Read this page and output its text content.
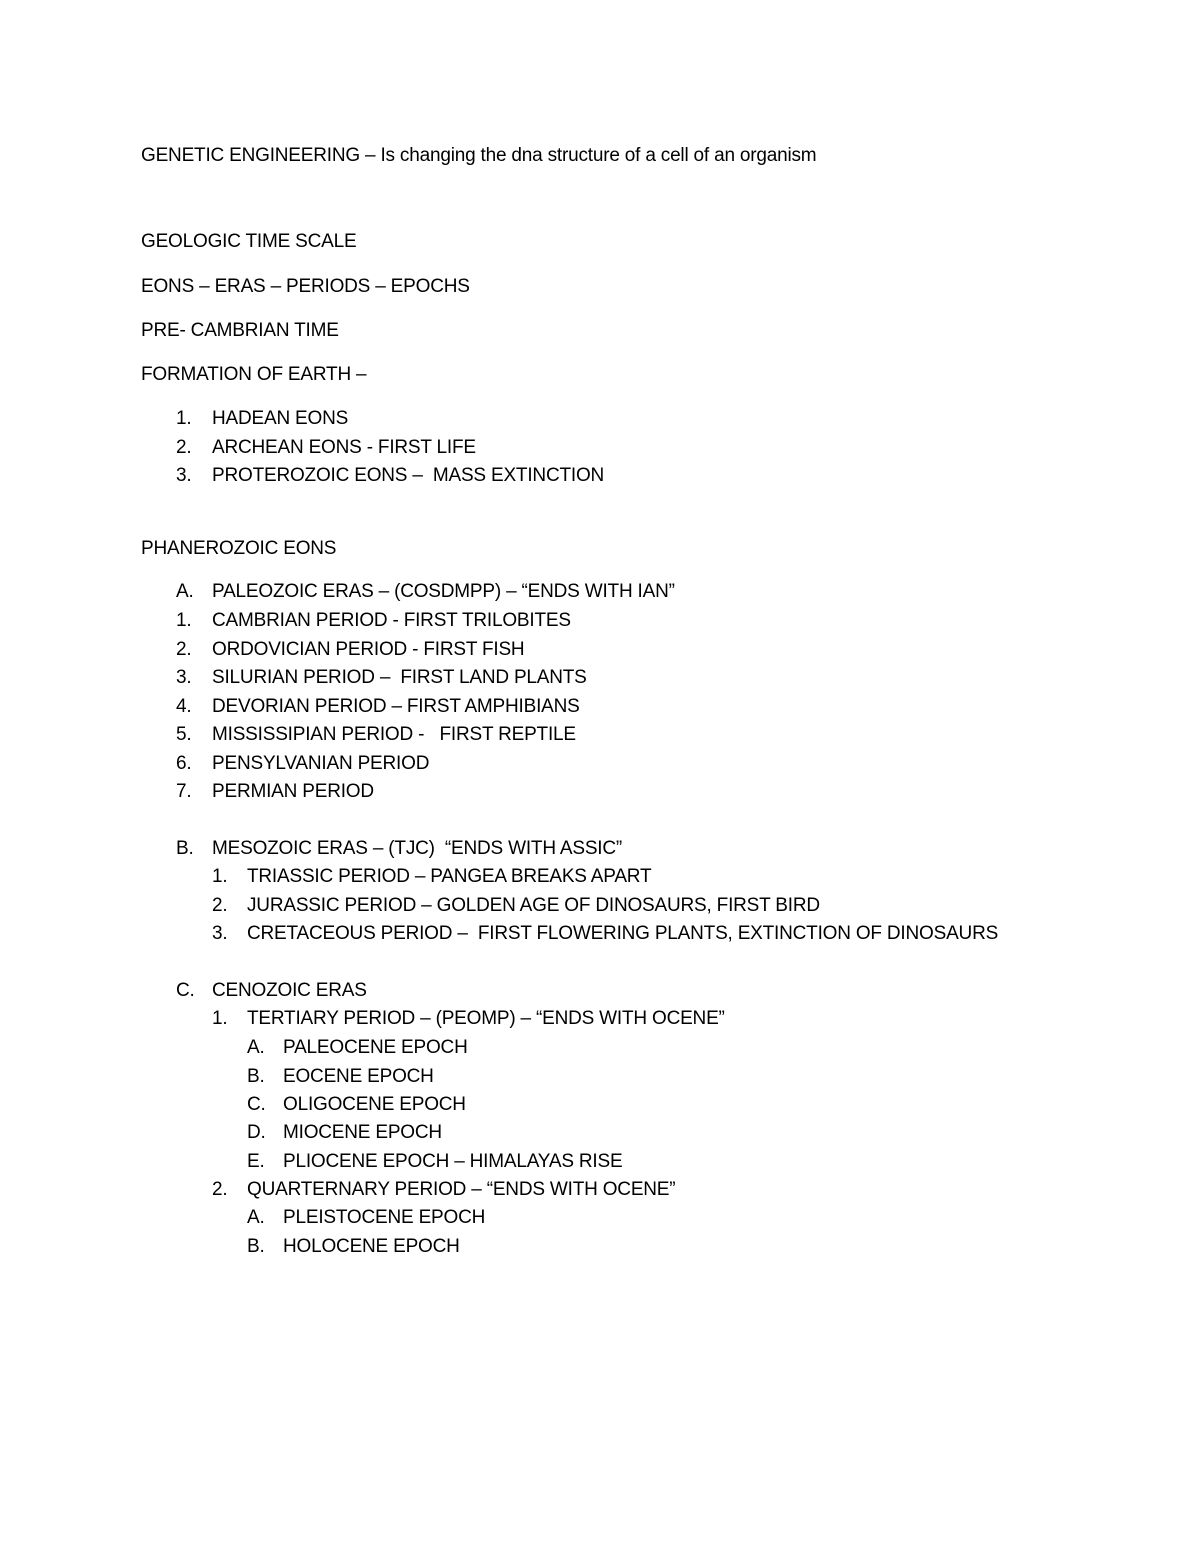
GENETIC ENGINEERING – Is changing the dna structure of a cell of an organism
GEOLOGIC TIME SCALE
EONS – ERAS – PERIODS – EPOCHS
PRE- CAMBRIAN TIME
FORMATION OF EARTH –
1. HADEAN EONS
2. ARCHEAN EONS - FIRST LIFE
3. PROTEROZOIC EONS –  MASS EXTINCTION
PHANEROZOIC EONS
A. PALEOZOIC ERAS – (COSDMPP) – “ENDS WITH IAN”
1. CAMBRIAN PERIOD - FIRST TRILOBITES
2. ORDOVICIAN PERIOD - FIRST FISH
3. SILURIAN PERIOD –  FIRST LAND PLANTS
4. DEVORIAN PERIOD – FIRST AMPHIBIANS
5. MISSISSIPIAN PERIOD -   FIRST REPTILE
6. PENSYLVANIAN PERIOD
7. PERMIAN PERIOD
B. MESOZOIC ERAS – (TJC)  “ENDS WITH ASSIC”
1. TRIASSIC PERIOD – PANGEA BREAKS APART
2. JURASSIC PERIOD – GOLDEN AGE OF DINOSAURS, FIRST BIRD
3. CRETACEOUS PERIOD –  FIRST FLOWERING PLANTS, EXTINCTION OF DINOSAURS
C. CENOZOIC ERAS
1. TERTIARY PERIOD – (PEOMP) – “ENDS WITH OCENE”
A. PALEOCENE EPOCH
B. EOCENE EPOCH
C. OLIGOCENE EPOCH
D. MIOCENE EPOCH
E. PLIOCENE EPOCH – HIMALAYAS RISE
2. QUARTERNARY PERIOD – “ENDS WITH OCENE”
A. PLEISTOCENE EPOCH
B. HOLOCENE EPOCH
